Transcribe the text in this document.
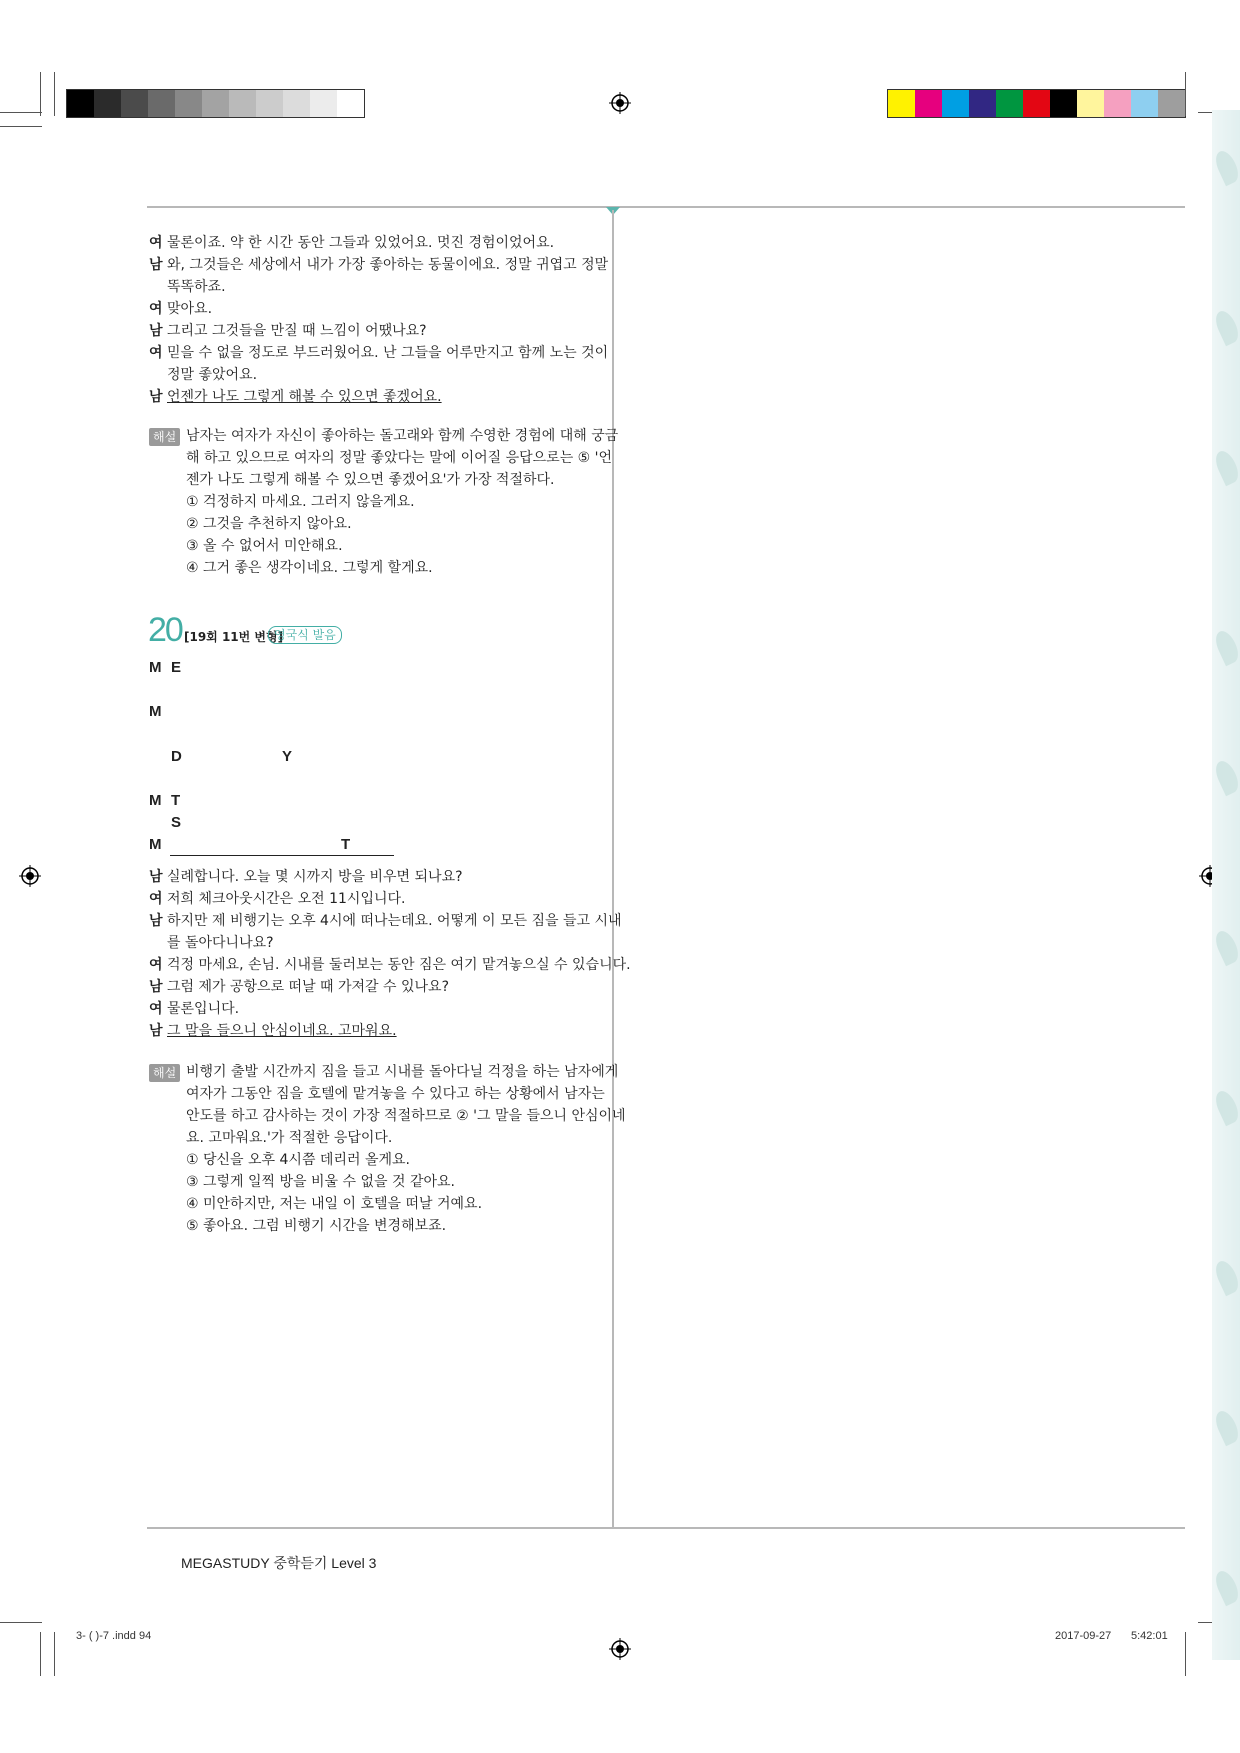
여 물론이죠. 약 한 시간 동안 그들과 있었어요. 멋진 경험이었어요.
남 와, 그것들은 세상에서 내가 가장 좋아하는 동물이에요. 정말 귀엽고 정말
똑똑하죠.
여 맞아요.
남 그리고 그것들을 만질 때 느낌이 어땠나요?
여 믿을 수 없을 정도로 부드러웠어요. 난 그들을 어루만지고 함께 노는 것이
정말 좋았어요.
남 언젠가 나도 그렇게 해볼 수 있으면 좋겠어요.
해설 남자는 여자가 자신이 좋아하는 돌고래와 함께 수영한 경험에 대해 궁금
해 하고 있으므로 여자의 정말 좋았다는 말에 이어질 응답으로는 ⑤ '언
젠가 나도 그렇게 해볼 수 있으면 좋겠어요'가 가장 적절하다.
① 걱정하지 마세요. 그러지 않을게요.
② 그것을 추천하지 않아요.
③ 올 수 없어서 미안해요.
④ 그거 좋은 생각이네요. 그렇게 할게요.
20 [19회 11번 변형]
영국식 발음
M E
M
D	Y
M T
S
M	T
남 실례합니다. 오늘 몇 시까지 방을 비우면 되나요?
여 저희 체크아웃시간은 오전 11시입니다.
남 하지만 제 비행기는 오후 4시에 떠나는데요. 어떻게 이 모든 짐을 들고 시내
를 돌아다니나요?
여 걱정 마세요, 손님. 시내를 둘러보는 동안 짐은 여기 맡겨놓으실 수 있습니다.
남 그럼 제가 공항으로 떠날 때 가져갈 수 있나요?
여 물론입니다.
남 그 말을 들으니 안심이네요. 고마워요.
해설 비행기 출발 시간까지 짐을 들고 시내를 돌아다닐 걱정을 하는 남자에게
여자가 그동안 짐을 호텔에 맡겨놓을 수 있다고 하는 상황에서 남자는
안도를 하고 감사하는 것이 가장 적절하므로 ② '그 말을 들으니 안심이네
요. 고마워요.'가 적절한 응답이다.
① 당신을 오후 4시쯤 데리러 올게요.
③ 그렇게 일찍 방을 비울 수 없을 것 같아요.
④ 미안하지만, 저는 내일 이 호텔을 떠날 거예요.
⑤ 좋아요. 그럼 비행기 시간을 변경해보죠.
MEGASTUDY 중학듣기 Level 3
3- ( )-7 .indd 94	2017-09-27 5:42:01
